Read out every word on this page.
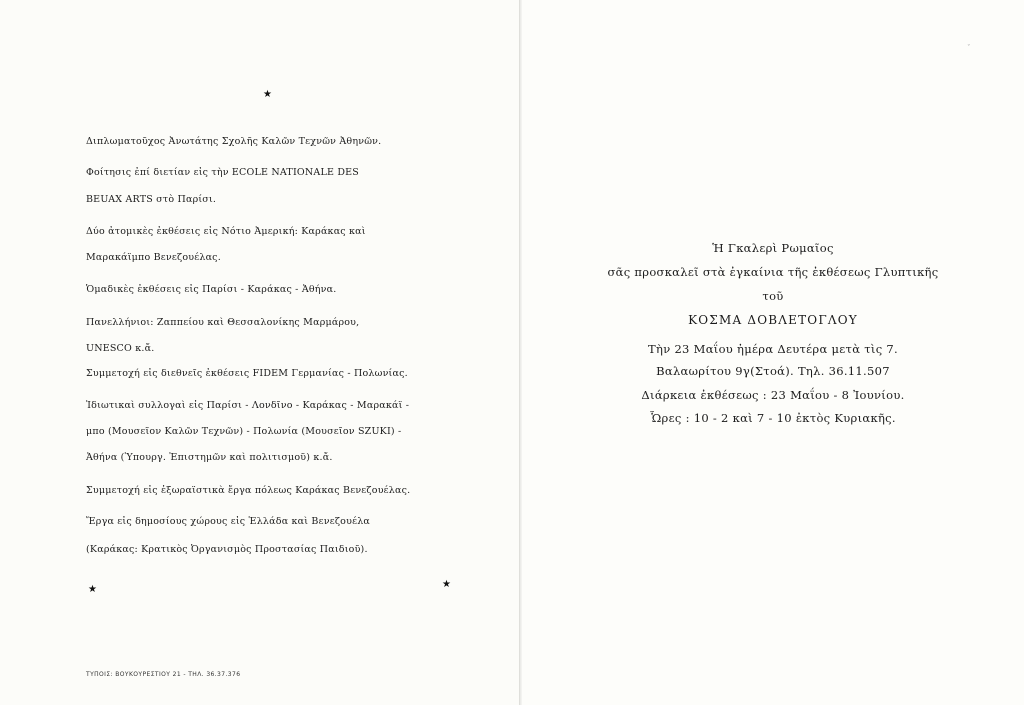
★
Διπλωματοῦχος Ἀνωτάτης Σχολῆς Καλῶν Τεχνῶν Ἀθηνῶν.
Φοίτησις ἐπί διετίαν εἰς τὴν ECOLE NATIONALE DES
BEUAX ARTS στὸ Παρίσι.
Δύο ἀτομικὲς ἐκθέσεις εἰς Νότιο Ἀμερική: Καράκας καὶ
Μαρακάϊμπο Βενεζουέλας.
Ὁμαδικὲς ἐκθέσεις εἰς Παρίσι - Καράκας - Ἀθήνα.
Πανελλήνιοι: Ζαππείου καὶ Θεσσαλονίκης Μαρμάρου,
UNESCO κ.ἄ.
Συμμετοχή εἰς διεθνεῖς ἐκθέσεις FIDEM Γερμανίας - Πολωνίας.
Ἰδιωτικαὶ συλλογαὶ εἰς Παρίσι - Λονδῖνο - Καράκας - Μαρακάϊ -
μπο (Μουσεῖον Καλῶν Τεχνῶν) - Πολωνία (Μουσεῖον SZUKI) -
Ἀθήνα (Ὑπουργ. Ἐπιστημῶν καὶ πολιτισμοῦ) κ.ἄ.
Συμμετοχή εἰς ἐξωραϊστικὰ ἔργα πόλεως Καράκας Βενεζουέλας.
Ἔργα εἰς δημοσίους χώρους εἰς Ἑλλάδα καὶ Βενεζουέλα
(Καράκας: Κρατικὸς Ὀργανισμὸς Προστασίας Παιδιοῦ).
★	★
ΤΥΠΟΙΣ: ΒΟΥΚΟΥΡΕΣΤΙΟΥ 21 - ΤΗΛ. 36.37.376
ˇ
Ἡ Γκαλερὶ Ρωμαῖος
σᾶς προσκαλεῖ στὰ ἐγκαίνια τῆς ἐκθέσεως Γλυπτικῆς
τοῦ
ΚΟΣΜΑ ΔΟΒΛΕΤΟΓΛΟΥ
Τὴν 23 Μαΐου ἡμέρα Δευτέρα μετὰ τὶς 7.
Βαλαωρίτου 9γ(Στοά). Τηλ. 36.11.507
Διάρκεια ἐκθέσεως : 23 Μαΐου - 8 Ἰουνίου.
Ὧρες : 10 - 2 καὶ 7 - 10 ἐκτὸς Κυριακῆς.
